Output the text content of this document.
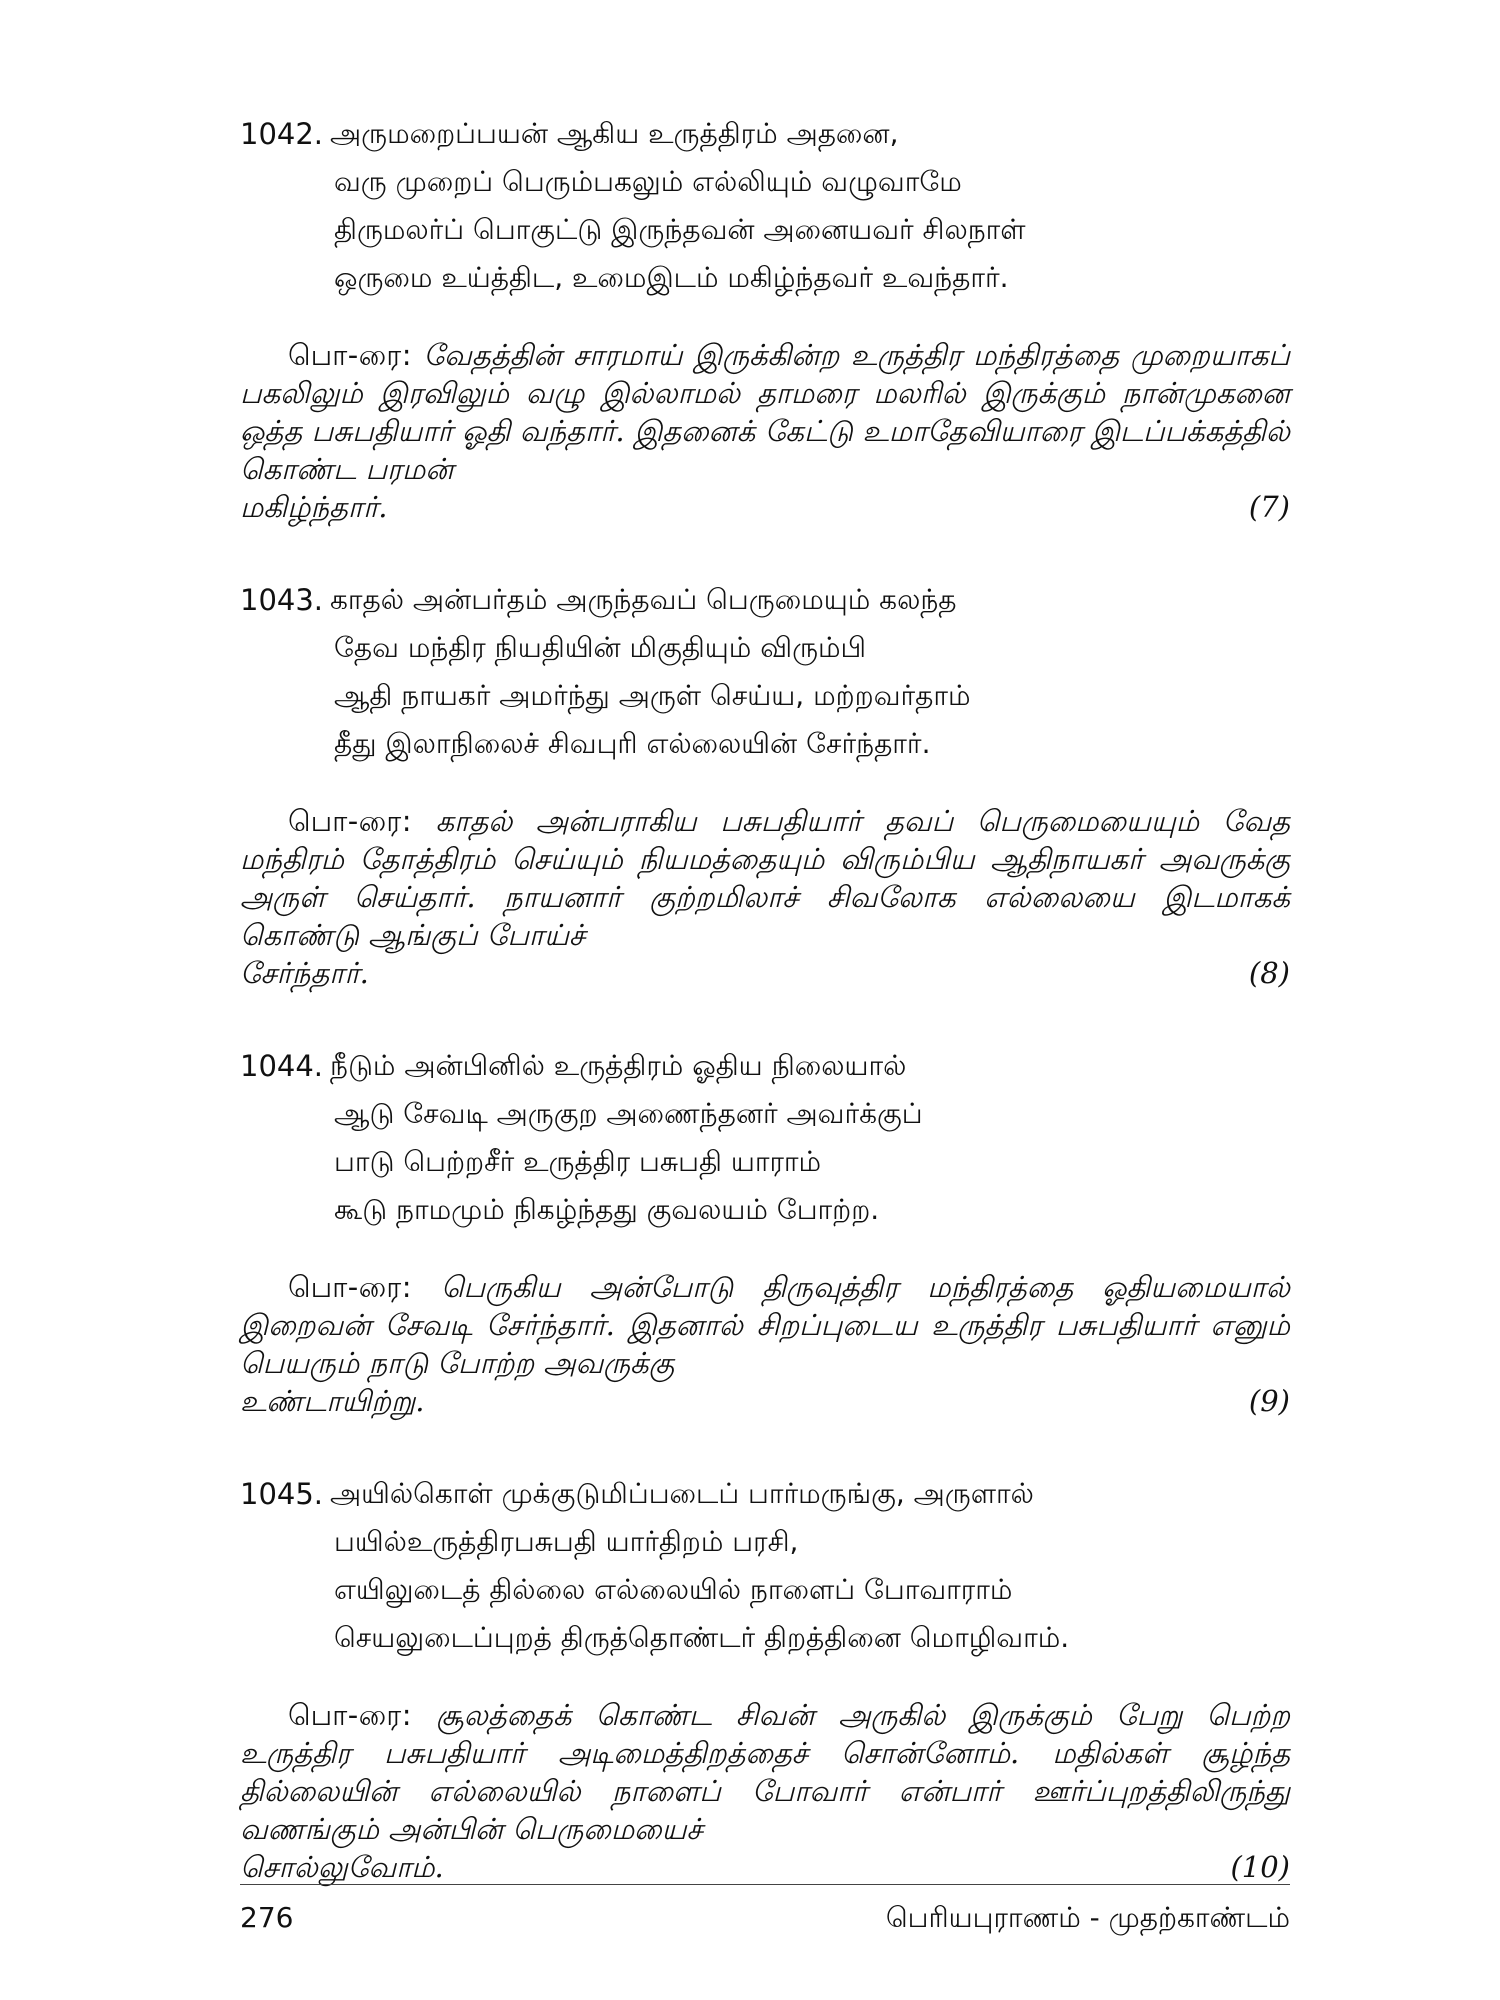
1042. அருமறைப்பயன் ஆகிய உருத்திரம் அதனை,
வரு முறைப் பெரும்பகலும் எல்லியும் வழுவாமே
திருமலர்ப் பொகுட்டு இருந்தவன் அனையவர் சிலநாள்
ஒருமை உய்த்திட, உமைஇடம் மகிழ்ந்தவர் உவந்தார்.
பொ-ரை: வேதத்தின் சாரமாய் இருக்கின்ற உருத்திர மந்திரத்தை முறையாகப் பகலிலும் இரவிலும் வழு இல்லாமல் தாமரை மலரில் இருக்கும் நான்முகனை ஒத்த பசுபதியார் ஓதி வந்தார். இதனைக் கேட்டு உமாதேவியாரை இடப்பக்கத்தில் கொண்ட பரமன்
மகிழ்ந்தார்.	(7)
1043. காதல் அன்பர்தம் அருந்தவப் பெருமையும் கலந்த
தேவ மந்திர நியதியின் மிகுதியும் விரும்பி
ஆதி நாயகர் அமர்ந்து அருள் செய்ய, மற்றவர்தாம்
தீது இலாநிலைச் சிவபுரி எல்லையின் சேர்ந்தார்.
பொ-ரை: காதல் அன்பராகிய பசுபதியார் தவப் பெருமையையும் வேத மந்திரம் தோத்திரம் செய்யும் நியமத்தையும் விரும்பிய ஆதிநாயகர் அவருக்கு அருள் செய்தார். நாயனார் குற்றமிலாச் சிவலோக எல்லையை இடமாகக் கொண்டு ஆங்குப் போய்ச்
சேர்ந்தார்.	(8)
1044. நீடும் அன்பினில் உருத்திரம் ஓதிய நிலையால்
ஆடு சேவடி அருகுற அணைந்தனர் அவர்க்குப்
பாடு பெற்றசீர் உருத்திர பசுபதி யாராம்
கூடு நாமமும் நிகழ்ந்தது குவலயம் போற்ற.
பொ-ரை: பெருகிய அன்போடு திருவுத்திர மந்திரத்தை ஓதியமையால் இறைவன் சேவடி சேர்ந்தார். இதனால் சிறப்புடைய உருத்திர பசுபதியார் எனும் பெயரும் நாடு போற்ற அவருக்கு
உண்டாயிற்று.	(9)
1045. அயில்கொள் முக்குடுமிப்படைப் பார்மருங்கு, அருளால்
பயில்உருத்திரபசுபதி யார்திறம் பரசி,
எயிலுடைத் தில்லை எல்லையில் நாளைப் போவாராம்
செயலுடைப்புறத் திருத்தொண்டர் திறத்தினை மொழிவாம்.
பொ-ரை: சூலத்தைக் கொண்ட சிவன் அருகில் இருக்கும் பேறு பெற்ற உருத்திர பசுபதியார் அடிமைத்திறத்தைச் சொன்னோம். மதில்கள் சூழ்ந்த தில்லையின் எல்லையில் நாளைப் போவார் என்பார் ஊர்ப்புறத்திலிருந்து வணங்கும் அன்பின் பெருமையைச்
சொல்லுவோம்.	(10)
276	பெரியபுராணம் - முதற்காண்டம்
